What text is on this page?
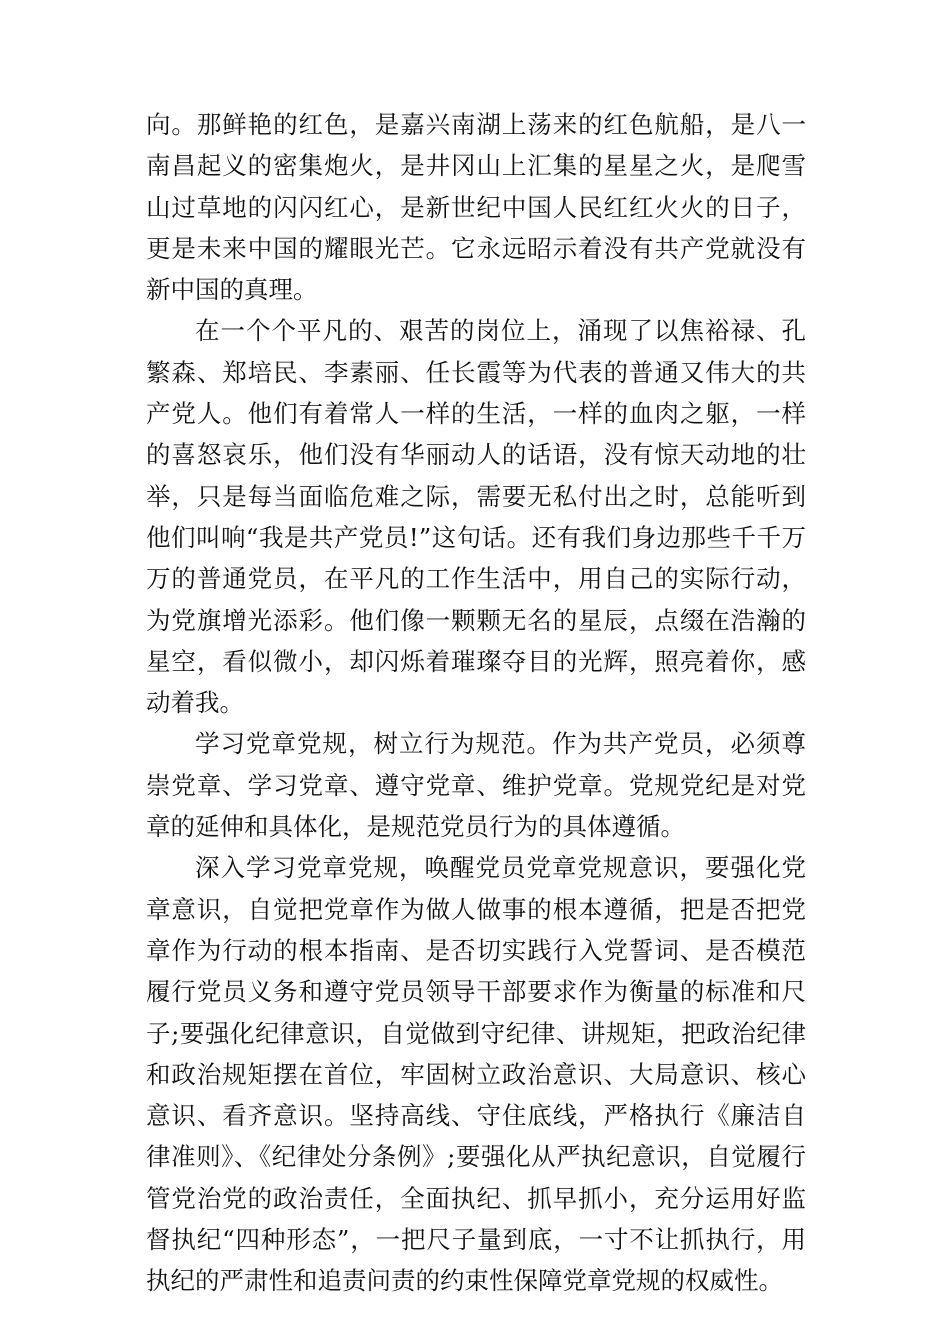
向。那鲜艳的红色，是嘉兴南湖上荡来的红色航船，是八一南昌起义的密集炮火，是井冈山上汇集的星星之火，是爬雪山过草地的闪闪红心，是新世纪中国人民红红火火的日子，更是未来中国的耀眼光芒。它永远昭示着没有共产党就没有新中国的真理。

在一个个平凡的、艰苦的岗位上，涌现了以焦裕禄、孔繁森、郑培民、李素丽、任长霞等为代表的普通又伟大的共产党人。他们有着常人一样的生活，一样的血肉之躯，一样的喜怒哀乐，他们没有华丽动人的话语，没有惊天动地的壮举，只是每当面临危难之际，需要无私付出之时，总能听到他们叫响“我是共产党员!”这句话。还有我们身边那些千千万万的普通党员，在平凡的工作生活中，用自己的实际行动，为党旗增光添彩。他们像一颗颗无名的星辰，点缀在浩瀚的星空，看似微小，却闪烁着璀璨夺目的光辉，照亮着你，感动着我。

学习党章党规，树立行为规范。作为共产党员，必须尊崇党章、学习党章、遵守党章、维护党章。党规党纪是对党章的延伸和具体化，是规范党员行为的具体遵循。

深入学习党章党规，唤醒党员党章党规意识，要强化党章意识，自觉把党章作为做人做事的根本遵循，把是否把党章作为行动的根本指南、是否切实践行入党誓词、是否模范履行党员义务和遵守党员领导干部要求作为衡量的标准和尺子;要强化纪律意识，自觉做到守纪律、讲规矩，把政治纪律和政治规矩摆在首位，牢固树立政治意识、大局意识、核心意识、看齐意识。坚持高线、守住底线，严格执行《廉洁自律准则》、《纪律处分条例》;要强化从严执纪意识，自觉履行管党治党的政治责任，全面执纪、抓早抓小，充分运用好监督执纪“四种形态”，一把尺子量到底，一寸不让抓执行，用执纪的严肃性和追责问责的约束性保障党章党规的权威性。
